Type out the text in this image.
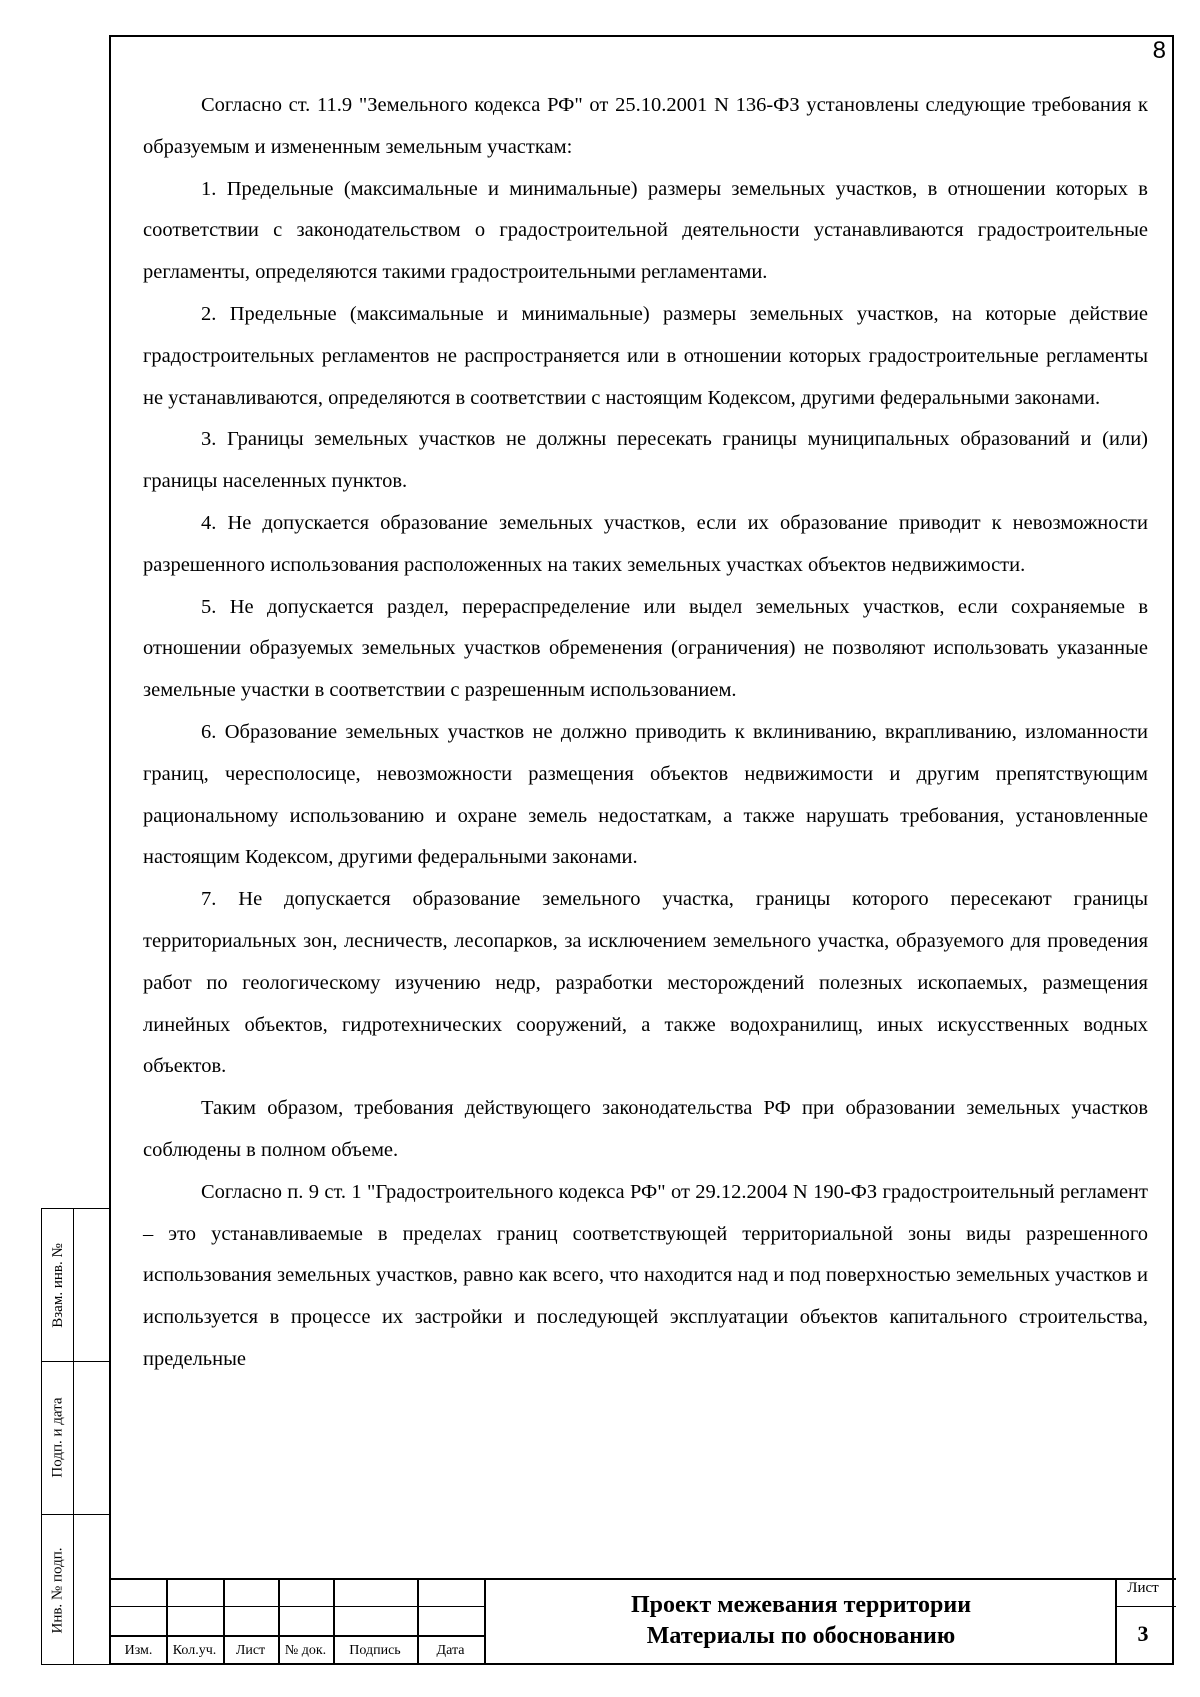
Взам. инв. №
Подп. и дата
Инв. № подп.
8

Согласно ст. 11.9 "Земельного кодекса РФ" от 25.10.2001 N 136-ФЗ установлены следующие требования к образуемым и измененным земельным участкам:

1. Предельные (максимальные и минимальные) размеры земельных участков, в отношении которых в соответствии с законодательством о градостроительной деятельности устанавливаются градостроительные регламенты, определяются такими градостроительными регламентами.

2. Предельные (максимальные и минимальные) размеры земельных участков, на которые действие градостроительных регламентов не распространяется или в отношении которых градостроительные регламенты не устанавливаются, определяются в соответствии с настоящим Кодексом, другими федеральными законами.

3. Границы земельных участков не должны пересекать границы муниципальных образований и (или) границы населенных пунктов.

4. Не допускается образование земельных участков, если их образование приводит к невозможности разрешенного использования расположенных на таких земельных участках объектов недвижимости.

5. Не допускается раздел, перераспределение или выдел земельных участков, если сохраняемые в отношении образуемых земельных участков обременения (ограничения) не позволяют использовать указанные земельные участки в соответствии с разрешенным использованием.

6. Образование земельных участков не должно приводить к вклиниванию, вкрапливанию, изломанности границ, чересполосице, невозможности размещения объектов недвижимости и другим препятствующим рациональному использованию и охране земель недостаткам, а также нарушать требования, установленные настоящим Кодексом, другими федеральными законами.

7. Не допускается образование земельного участка, границы которого пересекают границы территориальных зон, лесничеств, лесопарков, за исключением земельного участка, образуемого для проведения работ по геологическому изучению недр, разработки месторождений полезных ископаемых, размещения линейных объектов, гидротехнических сооружений, а также водохранилищ, иных искусственных водных объектов.

Таким образом, требования действующего законодательства РФ при образовании земельных участков соблюдены в полном объеме.

Согласно п. 9 ст. 1 "Градостроительного кодекса РФ" от 29.12.2004 N 190-ФЗ градостроительный регламент – это устанавливаемые в пределах границ соответствующей территориальной зоны виды разрешенного использования земельных участков, равно как всего, что находится над и под поверхностью земельных участков и используется в процессе их застройки и последующей эксплуатации объектов капитального строительства, предельные

Изм.	Кол.уч.	Лист	№ док.	Подпись	Дата
Проект межевания территории
Материалы по обоснованию
Лист
3
